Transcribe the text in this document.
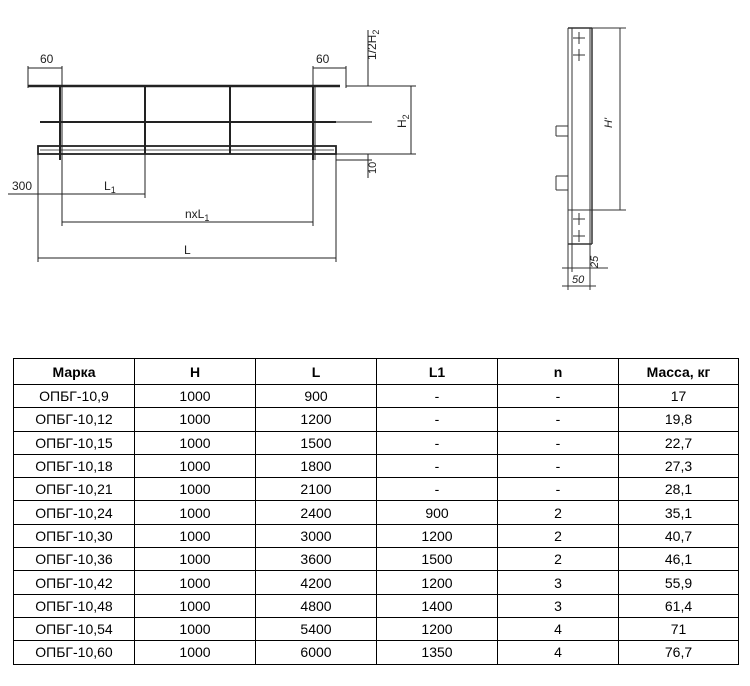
60	60	$1/2H_2$
$H_2$
10
300	$L_1$
nxL$_1$
L
H'
25
50
Марка	H	L	L1	n	Масса, кг
ОПБГ-10,9	1000	900	-	-	17
ОПБГ-10,12	1000	1200	-	-	19,8
ОПБГ-10,15	1000	1500	-	-	22,7
ОПБГ-10,18	1000	1800	-	-	27,3
ОПБГ-10,21	1000	2100	-	-	28,1
ОПБГ-10,24	1000	2400	900	2	35,1
ОПБГ-10,30	1000	3000	1200	2	40,7
ОПБГ-10,36	1000	3600	1500	2	46,1
ОПБГ-10,42	1000	4200	1200	3	55,9
ОПБГ-10,48	1000	4800	1400	3	61,4
ОПБГ-10,54	1000	5400	1200	4	71
ОПБГ-10,60	1000	6000	1350	4	76,7
